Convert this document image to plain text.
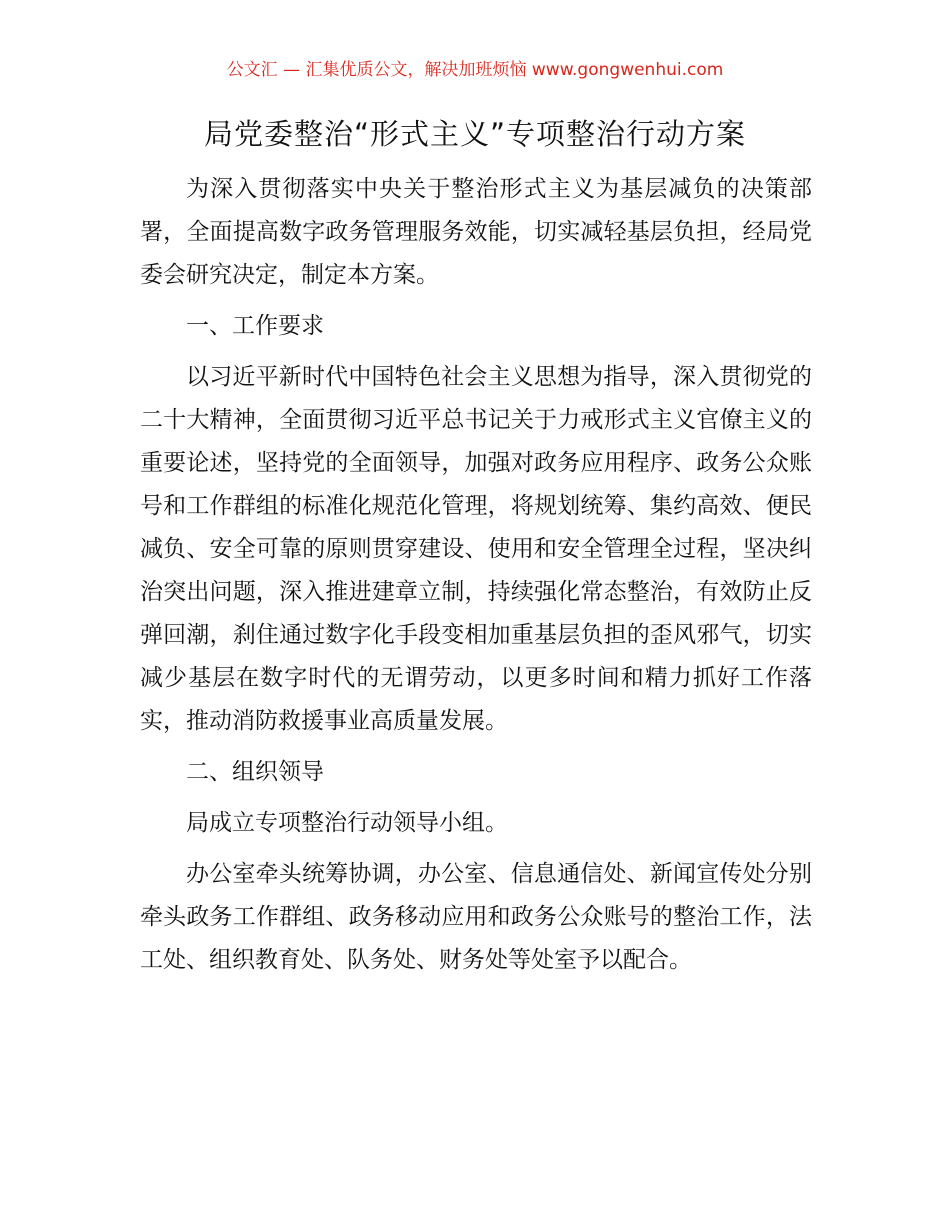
公文汇 — 汇集优质公文，解决加班烦恼 www.gongwenhui.com
局党委整治“形式主义”专项整治行动方案

为深入贯彻落实中央关于整治形式主义为基层减负的决策部署，全面提高数字政务管理服务效能，切实减轻基层负担，经局党委会研究决定，制定本方案。

一、工作要求

以习近平新时代中国特色社会主义思想为指导，深入贯彻党的二十大精神，全面贯彻习近平总书记关于力戒形式主义官僚主义的重要论述，坚持党的全面领导，加强对政务应用程序、政务公众账号和工作群组的标准化规范化管理，将规划统筹、集约高效、便民减负、安全可靠的原则贯穿建设、使用和安全管理全过程，坚决纠治突出问题，深入推进建章立制，持续强化常态整治，有效防止反弹回潮，刹住通过数字化手段变相加重基层负担的歪风邪气，切实减少基层在数字时代的无谓劳动，以更多时间和精力抓好工作落实，推动消防救援事业高质量发展。

二、组织领导

局成立专项整治行动领导小组。

办公室牵头统筹协调，办公室、信息通信处、新闻宣传处分别牵头政务工作群组、政务移动应用和政务公众账号的整治工作，法工处、组织教育处、队务处、财务处等处室予以配合。
